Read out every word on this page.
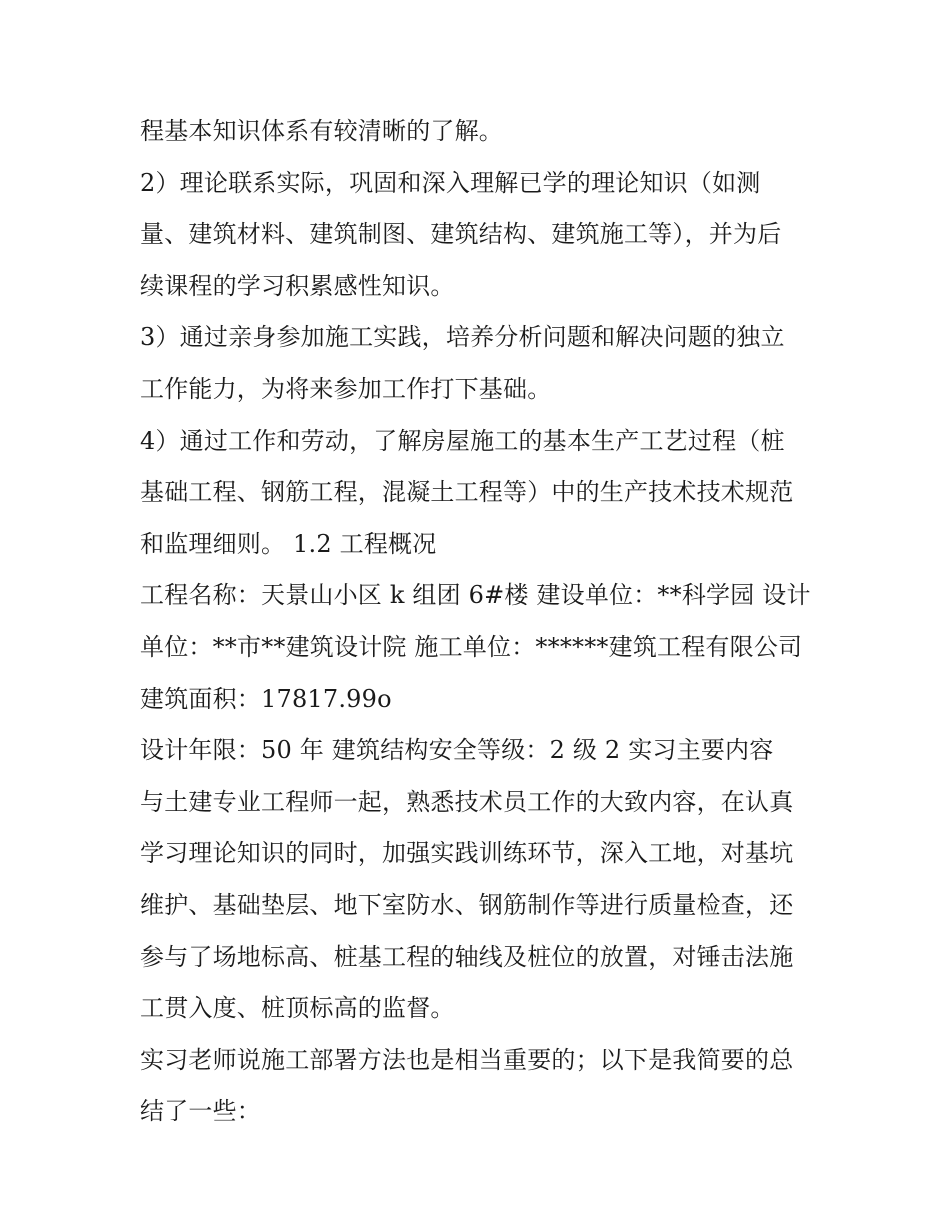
程基本知识体系有较清晰的了解。
2）理论联系实际，巩固和深入理解已学的理论知识（如测
量、建筑材料、建筑制图、建筑结构、建筑施工等），并为后
续课程的学习积累感性知识。
3）通过亲身参加施工实践，培养分析问题和解决问题的独立
工作能力，为将来参加工作打下基础。
4）通过工作和劳动，了解房屋施工的基本生产工艺过程（桩
基础工程、钢筋工程，混凝土工程等）中的生产技术技术规范
和监理细则。 1.2 工程概况
工程名称：天景山小区 k 组团 6#楼 建设单位：**科学园 设计
单位：**市**建筑设计院 施工单位：******建筑工程有限公司
建筑面积：17817.99o
设计年限：50 年 建筑结构安全等级：2 级 2 实习主要内容
与土建专业工程师一起，熟悉技术员工作的大致内容，在认真
学习理论知识的同时，加强实践训练环节，深入工地，对基坑
维护、基础垫层、地下室防水、钢筋制作等进行质量检查，还
参与了场地标高、桩基工程的轴线及桩位的放置，对锤击法施
工贯入度、桩顶标高的监督。
实习老师说施工部署方法也是相当重要的；以下是我简要的总
结了一些：
